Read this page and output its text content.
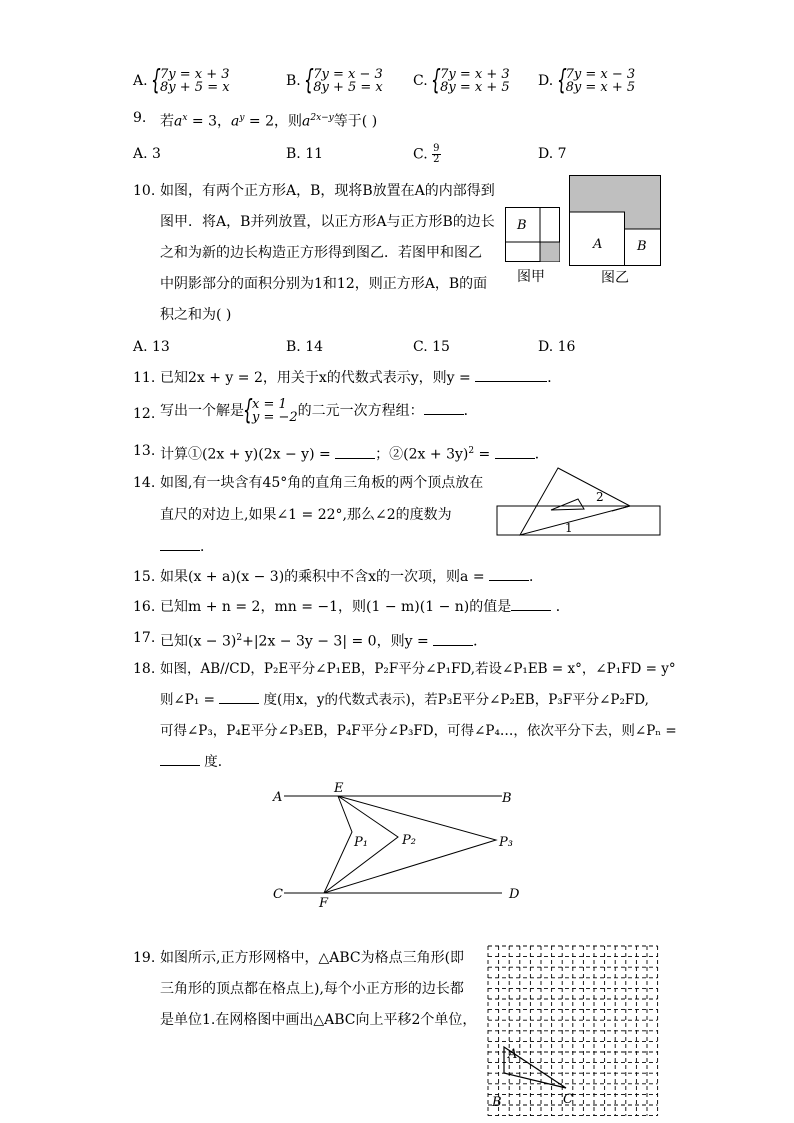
A. { 7y = x + 3
8y + 5 = x	B. { 7y = x − 3
8y + 5 = x C. { 7y = x + 3
8y = x + 5 D. { 7y = x − 3
8y = x + 5
9. 若$a^x = 3$，$a^y = 2$，则$a^{2x-y}$等于( )
A. 3	B. 11	C. $\frac{9}{2}$	D. 7
10. 如图，有两个正方形A，B，现将B放置在A的内部得到
图甲．将A，B并列放置，以正方形A与正方形B的边长
之和为新的边长构造正方形得到图乙．若图甲和图乙
中阴影部分的面积分别为1和12，则正方形A，B的面
积之和为( )
B
图甲
A	B
图乙
A. 13	B. 14	C. 15	D. 16
11. 已知2x + y = 2，用关于x的代数式表示y，则y =	．
12. 写出一个解是 { x = 1
y = −2的二元一次方程组：	．
13. 计算①(2x + y)(2x − y) =	；②(2x + 3y)$^2$ =	．
14. 如图,有一块含有45°角的直角三角板的两个顶点放在
直尺的对边上,如果∠1 = 22°,那么∠2的度数为
．
2
1
15. 如果(x + a)(x − 3)的乘积中不含x的一次项，则a =	．
16. 已知m + n = 2，mn = −1，则(1 − m)(1 − n)的值是	．
17. 已知$(x - 3)^2+|2x - 3y - 3| = 0$，则y =	．
18. 如图，AB//CD，P₂E平分∠P₁EB，P₂F平分∠P₁FD,若设∠P₁EB = x°，∠P₁FD = y°
则∠P₁ =	度(用x，y的代数式表示)，若P₃E平分∠P₂EB，P₃F平分∠P₂FD,
可得∠P₃，P₄E平分∠P₃EB，P₄F平分∠P₃FD，可得∠P₄…，依次平分下去，则∠Pₙ =
度.
A	B
E
C	D
F
P₁	P₂	P₃
19. 如图所示,正方形网格中，△ABC为格点三角形(即
三角形的顶点都在格点上),每个小正方形的边长都
是单位1.在网格图中画出△ABC向上平移2个单位，
A
B	C
